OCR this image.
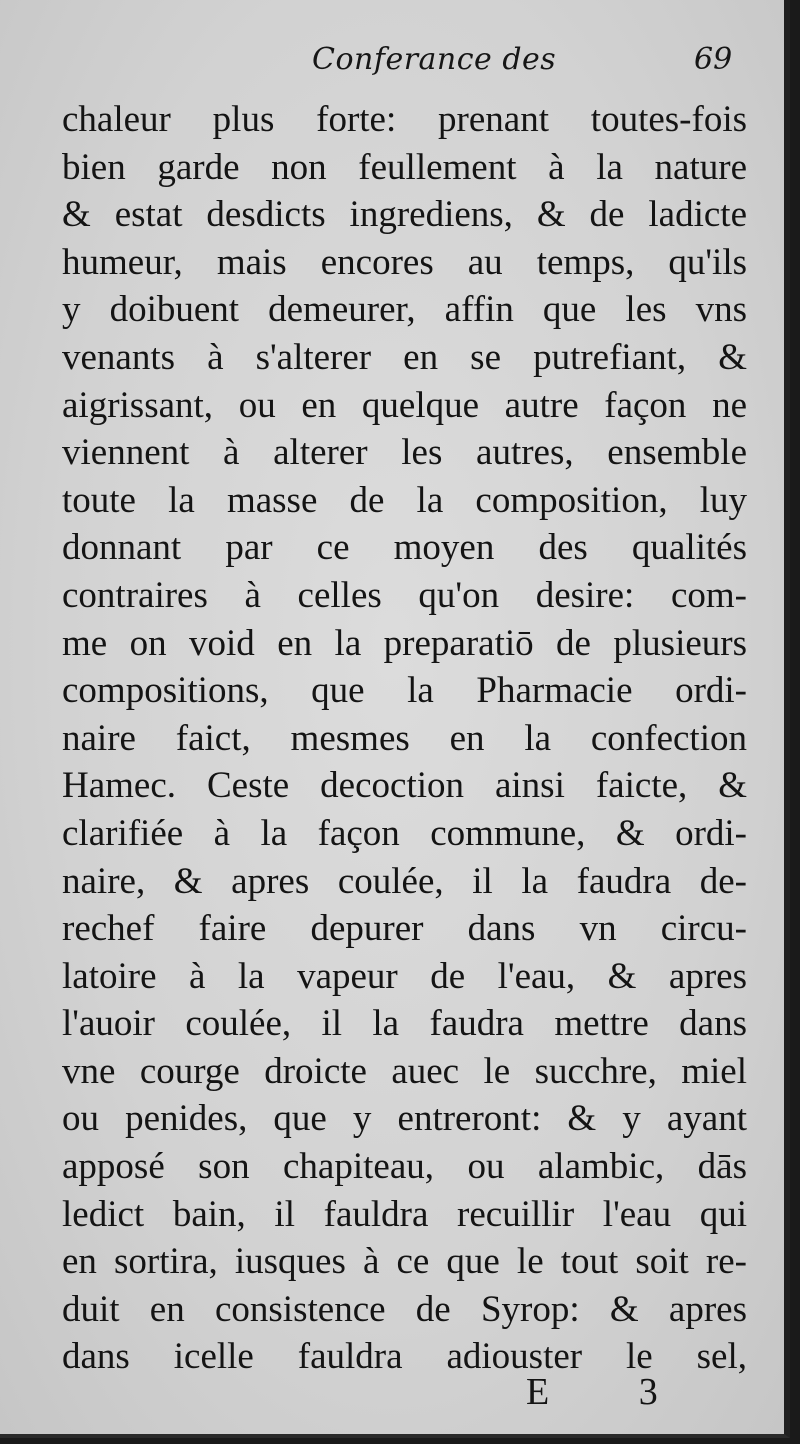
Conferance des	69
chaleur plus forte: prenant toutes-fois
bien garde non feullement à la nature
& estat desdicts ingrediens, & de ladicte
humeur, mais encores au temps, qu'ils
y doibuent demeurer, affin que les vns
venants à s'alterer en se putrefiant, &
aigrissant, ou en quelque autre façon ne
viennent à alterer les autres, ensemble
toute la masse de la composition, luy
donnant par ce moyen des qualités
contraires à celles qu'on desire: com-
me on void en la preparatiō de plusieurs
compositions, que la Pharmacie ordi-
naire faict, mesmes en la confection
Hamec. Ceste decoction ainsi faicte, &
clarifiée à la façon commune, & ordi-
naire, & apres coulée, il la faudra de-
rechef faire depurer dans vn circu-
latoire à la vapeur de l'eau, & apres
l'auoir coulée, il la faudra mettre dans
vne courge droicte auec le succhre, miel
ou penides, que y entreront: & y ayant
apposé son chapiteau, ou alambic, dās
ledict bain, il fauldra recuillir l'eau qui
en sortira, iusques à ce que le tout soit re-
duit en consistence de Syrop: & apres
dans icelle fauldra adiouster le sel,
E 3
